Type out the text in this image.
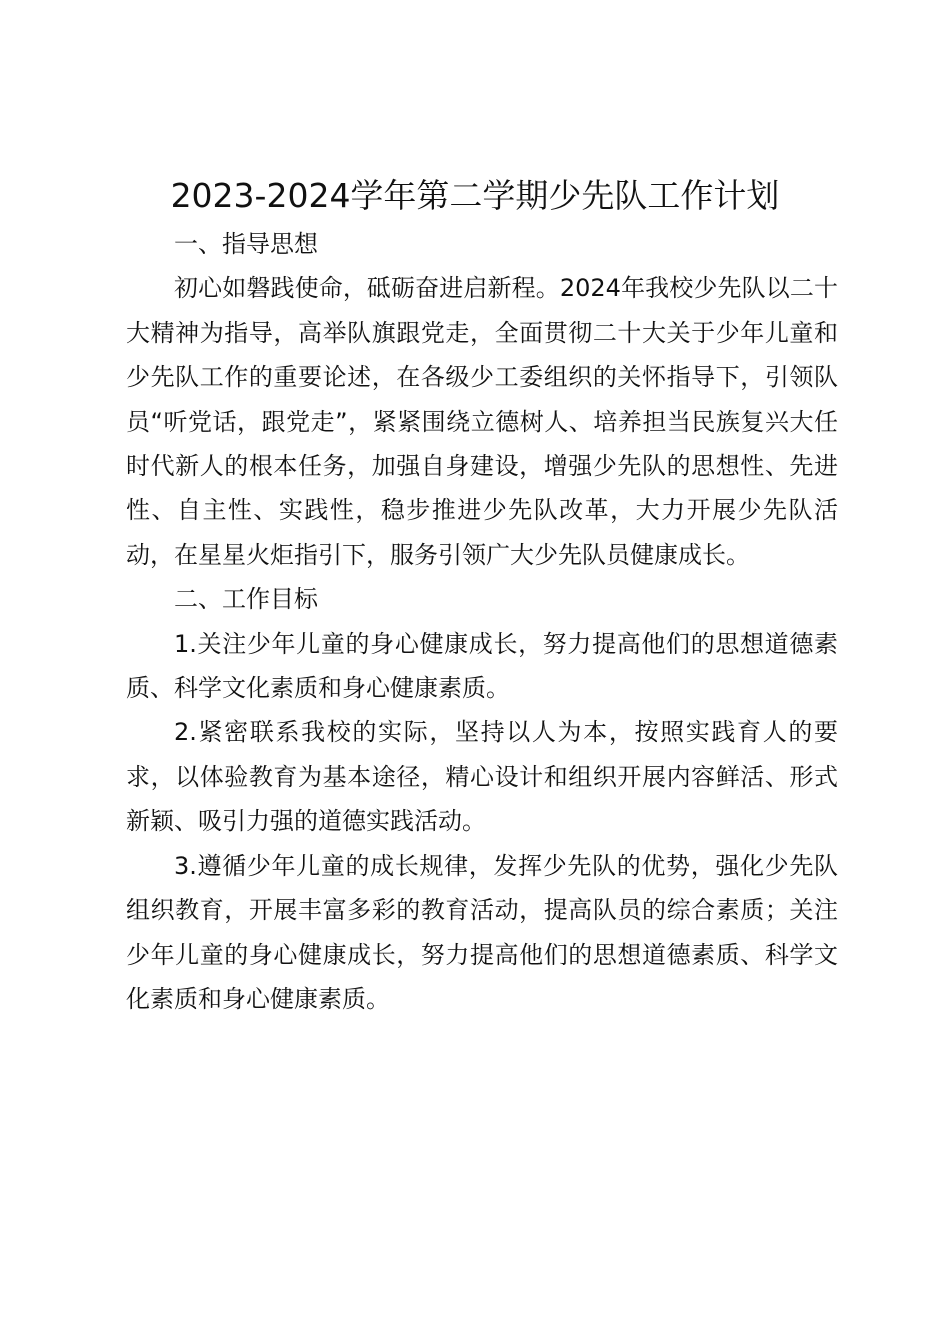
2023-2024学年第二学期少先队工作计划

一、指导思想

初心如磐践使命，砥砺奋进启新程。2024年我校少先队以二十大精神为指导，高举队旗跟党走，全面贯彻二十大关于少年儿童和少先队工作的重要论述，在各级少工委组织的关怀指导下，引领队员“听党话，跟党走”，紧紧围绕立德树人、培养担当民族复兴大任时代新人的根本任务，加强自身建设，增强少先队的思想性、先进性、自主性、实践性，稳步推进少先队改革，大力开展少先队活动，在星星火炬指引下，服务引领广大少先队员健康成长。

二、工作目标

1.关注少年儿童的身心健康成长，努力提高他们的思想道德素质、科学文化素质和身心健康素质。

2.紧密联系我校的实际，坚持以人为本，按照实践育人的要求，以体验教育为基本途径，精心设计和组织开展内容鲜活、形式新颖、吸引力强的道德实践活动。

3.遵循少年儿童的成长规律，发挥少先队的优势，强化少先队组织教育，开展丰富多彩的教育活动，提高队员的综合素质；关注少年儿童的身心健康成长，努力提高他们的思想道德素质、科学文化素质和身心健康素质。
